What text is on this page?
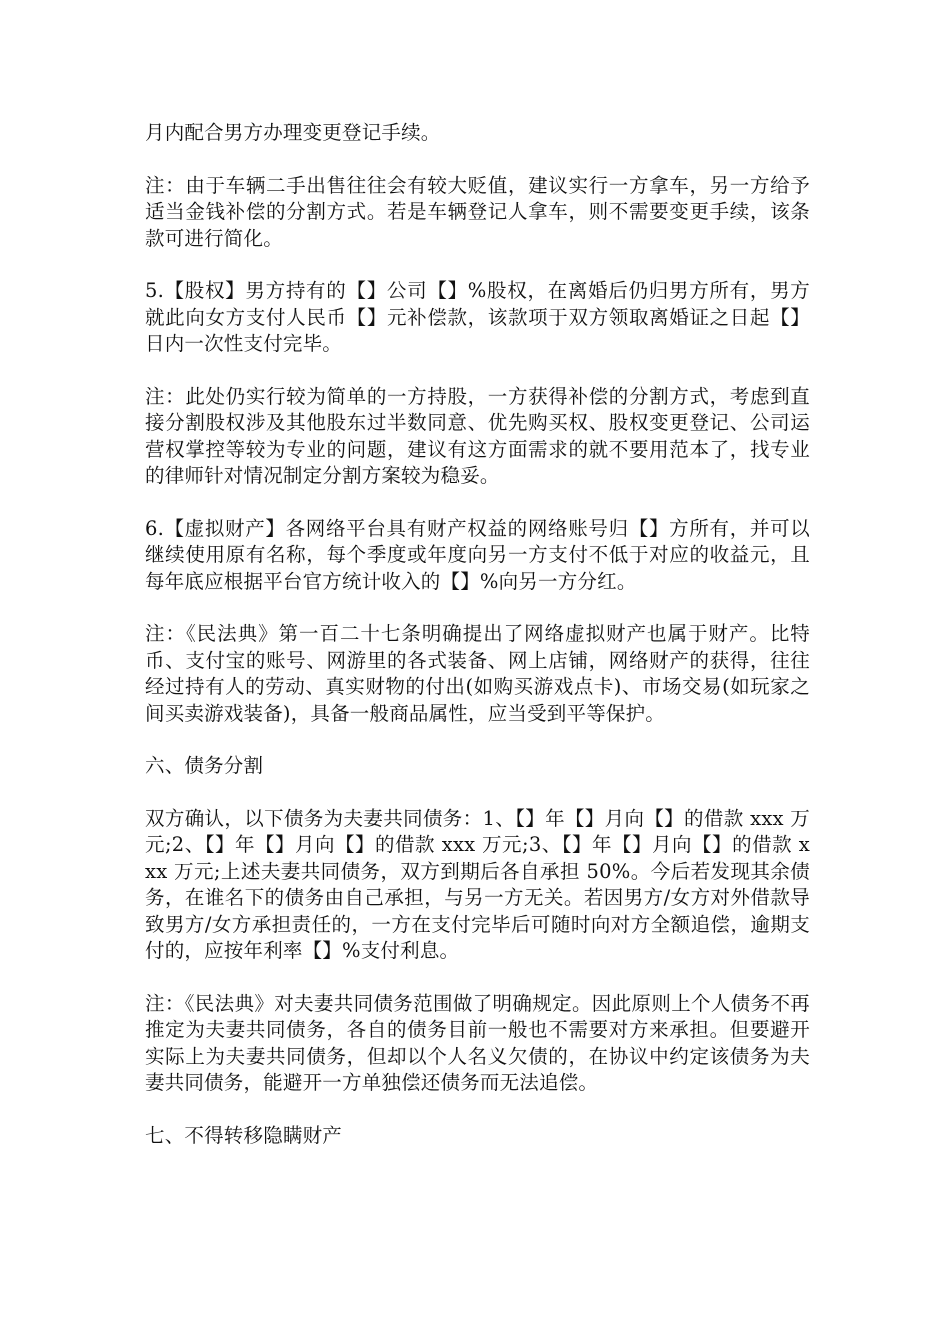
月内配合男方办理变更登记手续。

注：由于车辆二手出售往往会有较大贬值，建议实行一方拿车，另一方给予适当金钱补偿的分割方式。若是车辆登记人拿车，则不需要变更手续，该条款可进行简化。

5.【股权】男方持有的【】公司【】%股权，在离婚后仍归男方所有，男方就此向女方支付人民币【】元补偿款，该款项于双方领取离婚证之日起【】日内一次性支付完毕。

注：此处仍实行较为简单的一方持股，一方获得补偿的分割方式，考虑到直接分割股权涉及其他股东过半数同意、优先购买权、股权变更登记、公司运营权掌控等较为专业的问题，建议有这方面需求的就不要用范本了，找专业的律师针对情况制定分割方案较为稳妥。

6.【虚拟财产】各网络平台具有财产权益的网络账号归【】方所有，并可以继续使用原有名称，每个季度或年度向另一方支付不低于对应的收益元，且每年底应根据平台官方统计收入的【】%向另一方分红。

注：《民法典》第一百二十七条明确提出了网络虚拟财产也属于财产。比特币、支付宝的账号、网游里的各式装备、网上店铺，网络财产的获得，往往经过持有人的劳动、真实财物的付出(如购买游戏点卡)、市场交易(如玩家之间买卖游戏装备)，具备一般商品属性，应当受到平等保护。

六、债务分割

双方确认，以下债务为夫妻共同债务：1、【】年【】月向【】的借款 xxx 万元;2、【】年【】月向【】的借款 xxx 万元;3、【】年【】月向【】的借款 xxx 万元;上述夫妻共同债务，双方到期后各自承担 50%。今后若发现其余债务，在谁名下的债务由自己承担，与另一方无关。若因男方/女方对外借款导致男方/女方承担责任的，一方在支付完毕后可随时向对方全额追偿，逾期支付的，应按年利率【】%支付利息。

注：《民法典》对夫妻共同债务范围做了明确规定。因此原则上个人债务不再推定为夫妻共同债务，各自的债务目前一般也不需要对方来承担。但要避开实际上为夫妻共同债务，但却以个人名义欠债的，在协议中约定该债务为夫妻共同债务，能避开一方单独偿还债务而无法追偿。

七、不得转移隐瞒财产
